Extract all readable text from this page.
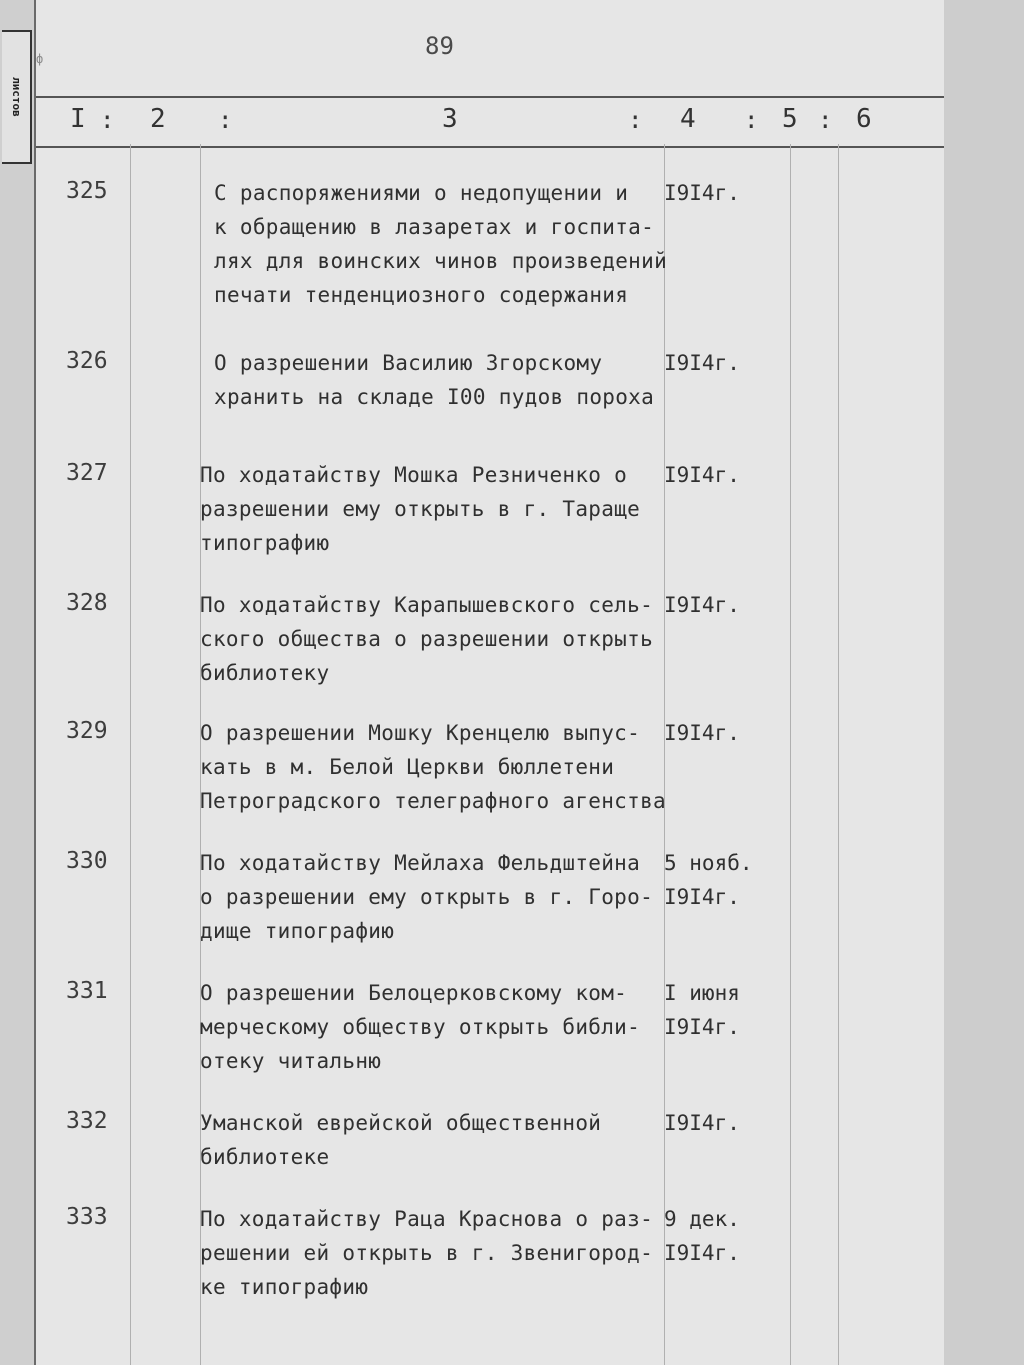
листов
ф	89
I : 2 :	3	: 4 : 5 : 6
325	С распоряжениями о недопущении и
к обращению в лазаретах и госпита-
лях для воинских чинов произведений
печати тенденциозного содержания
I9I4г.
326	О разрешении Василию Згорскому
хранить на складе I00 пудов пороха
I9I4г.
327	По ходатайству Мошка Резниченко о
разрешении ему открыть в г. Тараще
типографию
I9I4г.
328	По ходатайству Карапышевского сель-
ского общества о разрешении открыть
библиотеку
I9I4г.
329	О разрешении Мошку Кренцелю выпус-
кать в м. Белой Церкви бюллетени
Петроградского телеграфного агенства
I9I4г.
330	По ходатайству Мейлаха Фельдштейна
о разрешении ему открыть в г. Горо-
дище типографию
5 нояб.
I9I4г.
331	О разрешении Белоцерковскому ком-
мерческому обществу открыть библи-
отеку читальню
I июня
I9I4г.
332	Уманской еврейской общественной
библиотеке
I9I4г.
333	По ходатайству Раца Краснова о раз-
решении ей открыть в г. Звенигород-
ке типографию
9 дек.
I9I4г.
